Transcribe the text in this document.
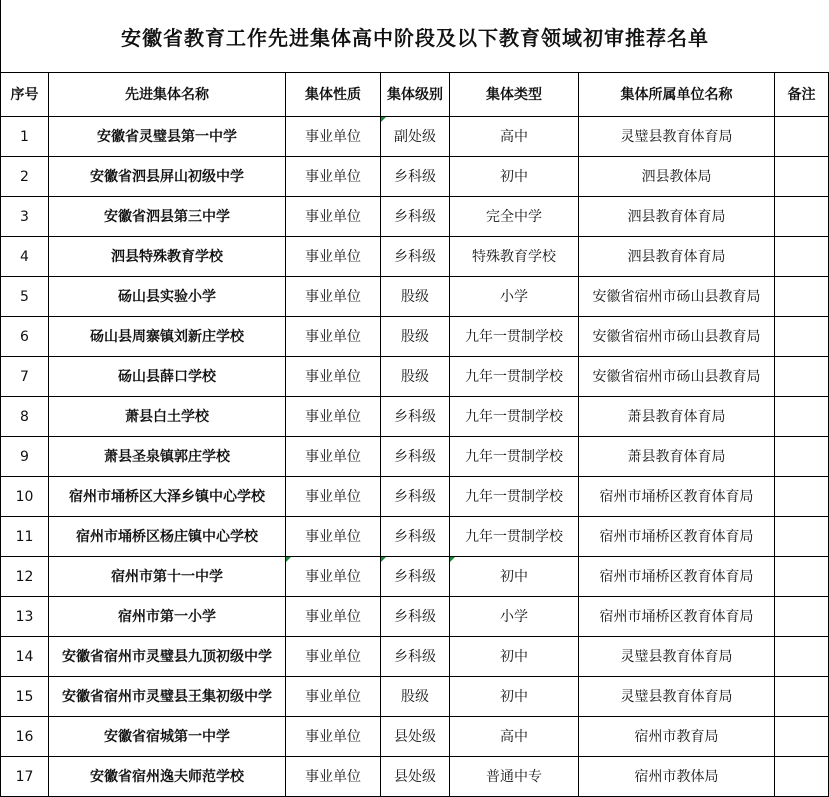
安徽省教育工作先进集体高中阶段及以下教育领域初审推荐名单
序号	先进集体名称	集体性质	集体级别	集体类型	集体所属单位名称	备注
1	安徽省灵璧县第一中学	事业单位	副处级	高中	灵璧县教育体育局	
2	安徽省泗县屏山初级中学	事业单位	乡科级	初中	泗县教体局	
3	安徽省泗县第三中学	事业单位	乡科级	完全中学	泗县教育体育局	
4	泗县特殊教育学校	事业单位	乡科级	特殊教育学校	泗县教育体育局	
5	砀山县实验小学	事业单位	股级	小学	安徽省宿州市砀山县教育局	
6	砀山县周寨镇刘新庄学校	事业单位	股级	九年一贯制学校	安徽省宿州市砀山县教育局	
7	砀山县薛口学校	事业单位	股级	九年一贯制学校	安徽省宿州市砀山县教育局	
8	萧县白土学校	事业单位	乡科级	九年一贯制学校	萧县教育体育局	
9	萧县圣泉镇郭庄学校	事业单位	乡科级	九年一贯制学校	萧县教育体育局	
10	宿州市埇桥区大泽乡镇中心学校	事业单位	乡科级	九年一贯制学校	宿州市埇桥区教育体育局	
11	宿州市埇桥区杨庄镇中心学校	事业单位	乡科级	九年一贯制学校	宿州市埇桥区教育体育局	
12	宿州市第十一中学	事业单位	乡科级	初中	宿州市埇桥区教育体育局	
13	宿州市第一小学	事业单位	乡科级	小学	宿州市埇桥区教育体育局	
14	安徽省宿州市灵璧县九顶初级中学	事业单位	乡科级	初中	灵璧县教育体育局	
15	安徽省宿州市灵璧县王集初级中学	事业单位	股级	初中	灵璧县教育体育局	
16	安徽省宿城第一中学	事业单位	县处级	高中	宿州市教育局	
17	安徽省宿州逸夫师范学校	事业单位	县处级	普通中专	宿州市教体局	
